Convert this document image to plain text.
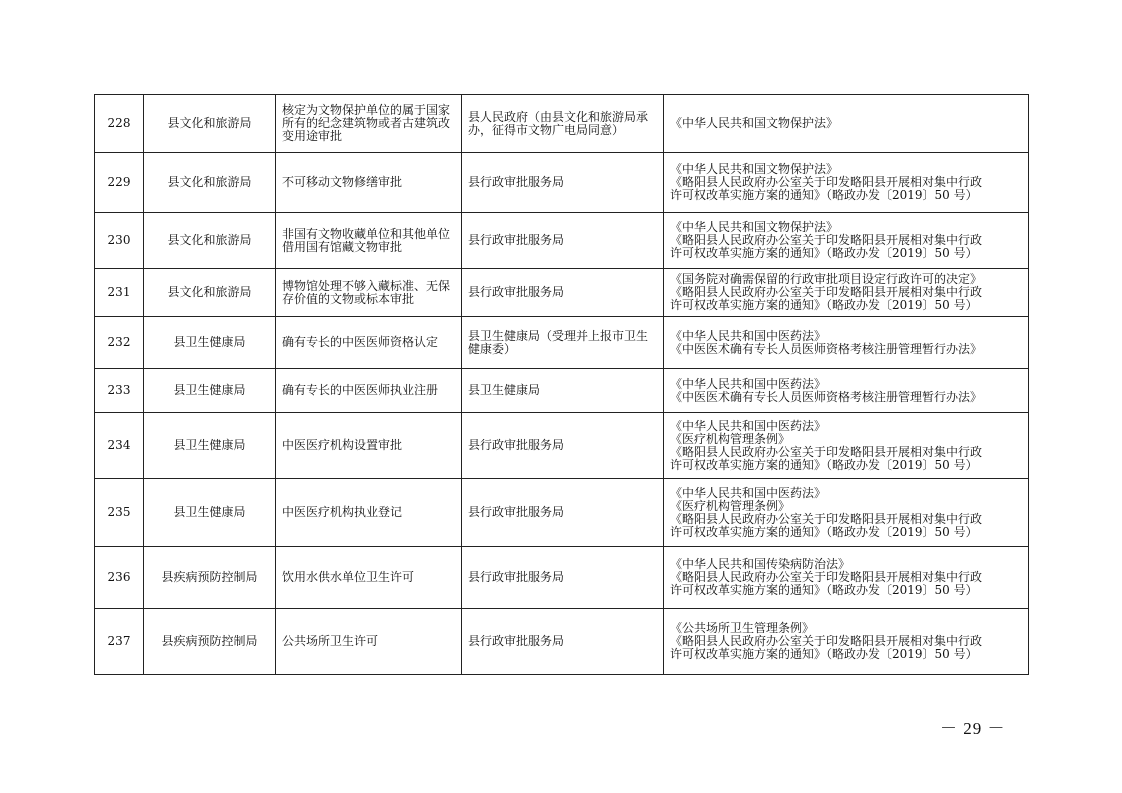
228	县文化和旅游局	核定为文物保护单位的属于国家所有的纪念建筑物或者古建筑改变用途审批	县人民政府（由县文化和旅游局承办，征得市文物广电局同意）	《中华人民共和国文物保护法》

229	县文化和旅游局	不可移动文物修缮审批	县行政审批服务局	《中华人民共和国文物保护法》
《略阳县人民政府办公室关于印发略阳县开展相对集中行政
许可权改革实施方案的通知》（略政办发〔2019〕50 号）

230	县文化和旅游局	非国有文物收藏单位和其他单位借用国有馆藏文物审批	县行政审批服务局	《中华人民共和国文物保护法》
《略阳县人民政府办公室关于印发略阳县开展相对集中行政
许可权改革实施方案的通知》（略政办发〔2019〕50 号）

231	县文化和旅游局	博物馆处理不够入藏标准、无保存价值的文物或标本审批	县行政审批服务局	《国务院对确需保留的行政审批项目设定行政许可的决定》
《略阳县人民政府办公室关于印发略阳县开展相对集中行政
许可权改革实施方案的通知》（略政办发〔2019〕50 号）

232	县卫生健康局	确有专长的中医医师资格认定	县卫生健康局（受理并上报市卫生健康委）	《中华人民共和国中医药法》
《中医医术确有专长人员医师资格考核注册管理暂行办法》

233	县卫生健康局	确有专长的中医医师执业注册	县卫生健康局	《中华人民共和国中医药法》
《中医医术确有专长人员医师资格考核注册管理暂行办法》

234	县卫生健康局	中医医疗机构设置审批	县行政审批服务局	《中华人民共和国中医药法》
《医疗机构管理条例》
《略阳县人民政府办公室关于印发略阳县开展相对集中行政
许可权改革实施方案的通知》（略政办发〔2019〕50 号）

235	县卫生健康局	中医医疗机构执业登记	县行政审批服务局	《中华人民共和国中医药法》
《医疗机构管理条例》
《略阳县人民政府办公室关于印发略阳县开展相对集中行政
许可权改革实施方案的通知》（略政办发〔2019〕50 号）

236	县疾病预防控制局	饮用水供水单位卫生许可	县行政审批服务局	《中华人民共和国传染病防治法》
《略阳县人民政府办公室关于印发略阳县开展相对集中行政
许可权改革实施方案的通知》（略政办发〔2019〕50 号）

237	县疾病预防控制局	公共场所卫生许可	县行政审批服务局	《公共场所卫生管理条例》
《略阳县人民政府办公室关于印发略阳县开展相对集中行政
许可权改革实施方案的通知》（略政办发〔2019〕50 号）
－ 29 －
